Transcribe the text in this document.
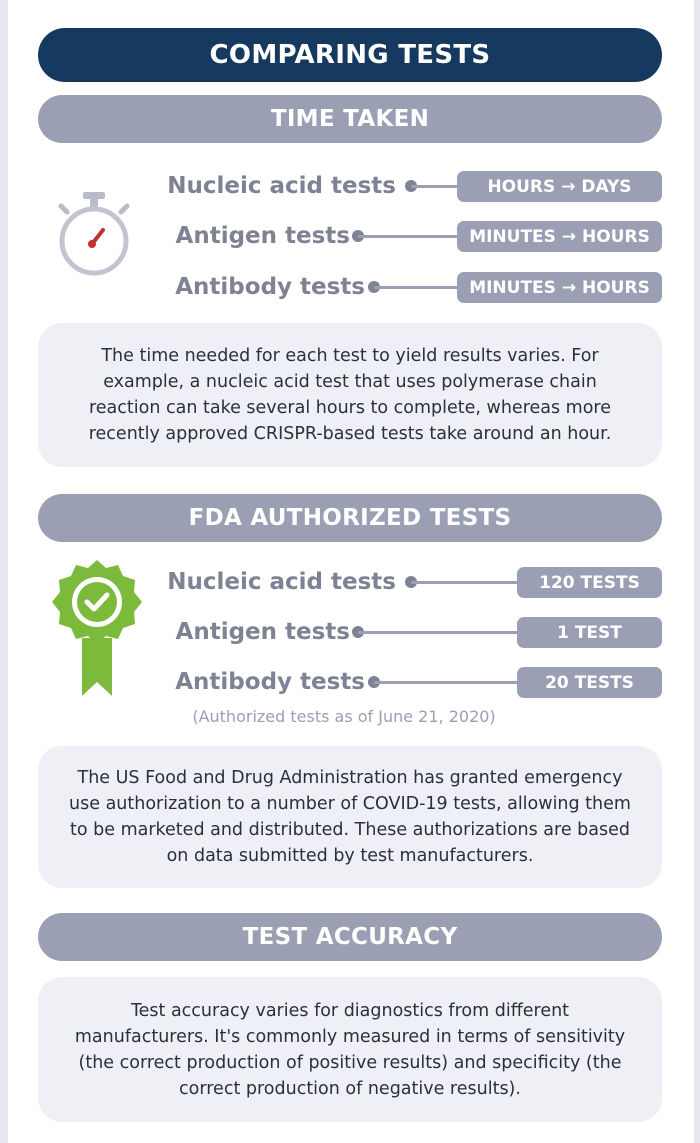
COMPARING TESTS
TIME TAKEN
Nucleic acid tests	HOURS → DAYS
Antigen tests	MINUTES → HOURS
Antibody tests	MINUTES → HOURS
The time needed for each test to yield results varies. For example, a nucleic acid test that uses polymerase chain reaction can take several hours to complete, whereas more recently approved CRISPR-based tests take around an hour.
FDA AUTHORIZED TESTS
Nucleic acid tests	120 TESTS
Antigen tests	1 TEST
Antibody tests	20 TESTS
(Authorized tests as of June 21, 2020)
The US Food and Drug Administration has granted emergency use authorization to a number of COVID-19 tests, allowing them to be marketed and distributed. These authorizations are based on data submitted by test manufacturers.
TEST ACCURACY
Test accuracy varies for diagnostics from different manufacturers. It's commonly measured in terms of sensitivity (the correct production of positive results) and specificity (the correct production of negative results).
